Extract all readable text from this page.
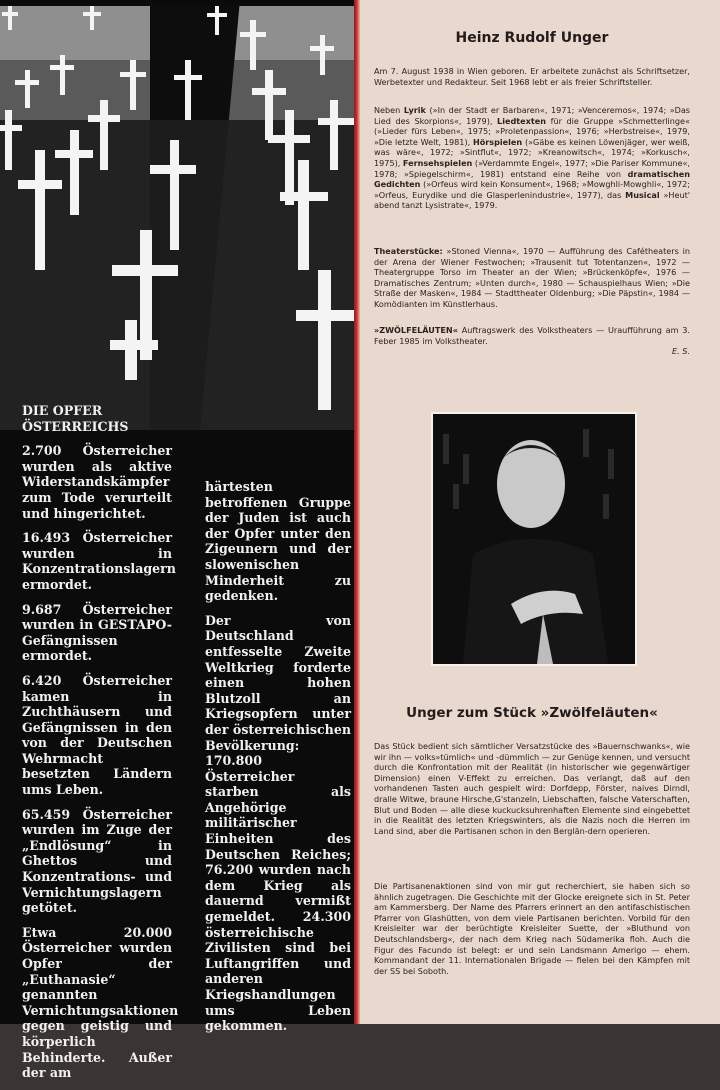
DIE OPFER
ÖSTERREICHS

2.700 Österreicher wurden als aktive Widerstandskämpfer zum Tode verurteilt und hingerichtet.

16.493 Österreicher wurden in Konzentrationslagern ermordet.

9.687 Österreicher wurden in GESTAPO-Gefängnissen ermordet.

6.420 Österreicher kamen in Zuchthäusern und Gefängnissen in den von der Deutschen Wehrmacht besetzten Ländern ums Leben.

65.459 Österreicher wurden im Zuge der „Endlösung“ in Ghettos und Konzentrations- und Vernichtungslagern getötet.

Etwa 20.000 Österreicher wurden Opfer der „Euthanasie“ genannten Vernichtungsaktionen gegen geistig und körperlich Behinderte. Außer der am

härtesten betroffenen Gruppe der Juden ist auch der Opfer unter den Zigeunern und der slowenischen Minderheit zu gedenken.

Der von Deutschland entfesselte Zweite Weltkrieg forderte einen hohen Blutzoll an Kriegsopfern unter der österreichischen Bevölkerung: 170.800 Österreicher starben als Angehörige militärischer Einheiten des Deutschen Reiches; 76.200 wurden nach dem Krieg als dauernd vermißt gemeldet. 24.300 österreichische Zivilisten sind bei Luftangriffen und anderen Kriegshandlungen ums Leben gekommen.

Heinz Rudolf Unger

Am 7. August 1938 in Wien geboren. Er arbeitete zunächst als Schriftsetzer, Werbetexter und Redakteur. Seit 1968 lebt er als freier Schriftsteller.

Neben Lyrik (»In der Stadt er Barbaren«, 1971; »Venceremos«, 1974; »Das Lied des Skorpions«, 1979), Liedtexten für die Gruppe »Schmetterlinge« (»Lieder fürs Leben«, 1975; »Proletenpassion«, 1976; »Herbstreise«, 1979, »Die letzte Welt, 1981), Hörspielen (»Gäbe es keinen Löwenjäger, wer weiß, was wäre«, 1972; »Sintflut«, 1972; »Kreanowitsch«, 1974; »Korkusch«, 1975), Fernsehspielen (»Verdammte Engel«, 1977; »Die Pariser Kommune«, 1978; »Spiegelschirm«, 1981) entstand eine Reihe von dramatischen Gedichten (»Orfeus wird kein Konsument«, 1968; »Mowghli-Mowghli«, 1972; »Orfeus, Eurydike und die Glasperlenindustrie«, 1977), das Musical »Heut' abend tanzt Lysistrate«, 1979.

Theaterstücke: »Stoned Vienna«, 1970 — Aufführung des Cafétheaters in der Arena der Wiener Festwochen; »Trausenit tut Totentanzen«, 1972 — Theatergruppe Torso im Theater an der Wien; »Brückenköpfe«, 1976 — Dramatisches Zentrum; »Unten durch«, 1980 — Schauspielhaus Wien; »Die Straße der Masken«, 1984 — Stadttheater Oldenburg; »Die Päpstin«, 1984 — Komödianten im Künstlerhaus.

»ZWÖLFELÄUTEN« Auftragswerk des Volkstheaters — Uraufführung am 3. Feber 1985 im Volkstheater.

E. S.

Unger zum Stück »Zwölfeläuten«

Das Stück bedient sich sämtlicher Versatzstücke des »Bauernschwanks«, wie wir ihn — volks»tümlich« und -dümmlich — zur Genüge kennen, und versucht durch die Konfrontation mit der Realität (in historischer wie gegenwärtiger Dimension) einen V-Effekt zu erreichen. Das verlangt, daß auf den vorhandenen Tasten auch gespielt wird: Dorfdepp, Förster, naives Dirndl, dralle Witwe, braune Hirsche,G'stanzeln, Liebschaften, falsche Vaterschaften, Blut und Boden — alle diese kuckucksuhrenhaften Elemente sind eingebettet in die Realität des letzten Kriegswinters, als die Nazis noch die Herren im Land sind, aber die Partisanen schon in den Berglän-dern operieren.

Die Partisanenaktionen sind von mir gut recherchiert, sie haben sich so ähnlich zugetragen. Die Geschichte mit der Glocke ereignete sich in St. Peter am Kammersberg. Der Name des Pfarrers erinnert an den antifaschistischen Pfarrer von Glashütten, von dem viele Partisanen berichten. Vorbild für den Kreisleiter war der berüchtigte Kreisleiter Suette, der »Bluthund von Deutschlandsberg«, der nach dem Krieg nach Südamerika floh. Auch die Figur des Facundo ist belegt: er und sein Landsmann Amerigo — ehem. Kommandant der 11. Internationalen Brigade — fielen bei den Kämpfen mit der SS bei Soboth.
